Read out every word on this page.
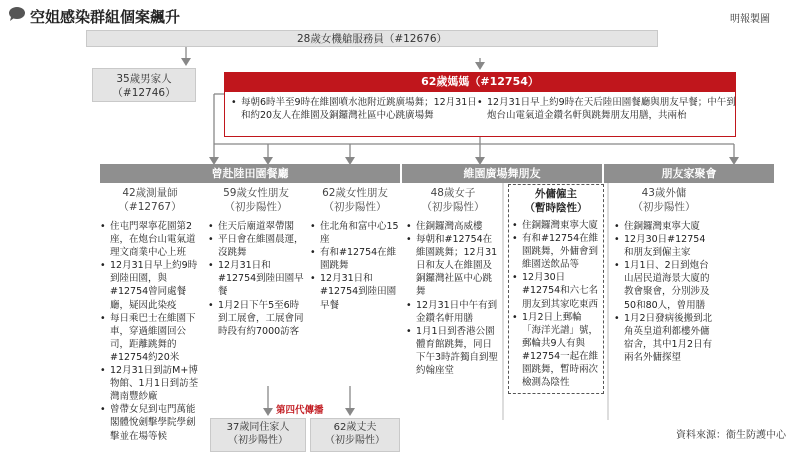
空姐感染群組個案飆升	明報製圖
28歲女機艙服務員（#12676）
35歲男家人
（#12746）
62歲媽媽（#12754）
• 每朝6時半至9時在維園噴水池附近跳廣場舞；12月31日和約20友人在維園及銅鑼灣社區中心跳廣場舞
• 12月31日早上約9時在天后陸田園餐廳與朋友早餐；中午到炮台山電氣道金鑽名軒與跳舞朋友用膳，共兩枱
曾赴陸田園餐廳	維園廣場舞朋友	朋友家聚會
42歲測量師
（#12767）
• 住屯門翠寧花園第2座，在炮台山電氣道理文商業中心上班
• 12月31日早上約9時到陸田園，與#12754曾同處餐廳，疑因此染疫
• 每日乘巴士在維園下車，穿過維園回公司，距離跳舞的#12754約20米
• 12月31日到訪M+博物館、1月1日到訪荃灣南豐紗廠
• 曾帶女兒到屯門萬能閣體悅劍擊學院學劍擊並在場等候
59歲女性朋友
（初步陽性）
• 住天后廟道翠帶閣
• 平日會在維園晨運，沒跳舞
• 12月31日和#12754到陸田園早餐
• 1月2日下午5至6時到工展會，工展會同時段有約7000訪客
62歲女性朋友
（初步陽性）
• 住北角和富中心15座
• 有和#12754在維園跳舞
• 12月31日和#12754到陸田園早餐
48歲女子
（初步陽性）
• 住銅鑼灣高威樓
• 每朝和#12754在維園跳舞；12月31日和友人在維園及銅鑼灣社區中心跳舞
• 12月31日中午有到金鑽名軒用膳
• 1月1日到香港公園體育館跳舞，同日下午3時許獨自到聖約翰座堂
外傭僱主
（暫時陰性）
• 住銅鑼灣東寧大廈
• 有和#12754在維園跳舞，外傭會到維園送飲品等
• 12月30日#12754和六七名朋友到其家吃東西
• 1月2日上郵輪「海洋光譜」號，郵輪共9人有與#12754一起在維園跳舞，暫時兩次檢測為陰性
43歲外傭
（初步陽性）
• 住銅鑼灣東寧大廈
• 12月30日#12754和朋友到僱主家
• 1月1日、2日到炮台山居民道海景大廈的教會聚會，分別涉及50和80人，曾用膳
• 1月2日發病後搬到北角英皇道利都樓外傭宿舍，其中1月2日有兩名外傭探望
第四代傳播
37歲同住家人
（初步陽性）
62歲丈夫
（初步陽性）	資料來源：衞生防護中心
